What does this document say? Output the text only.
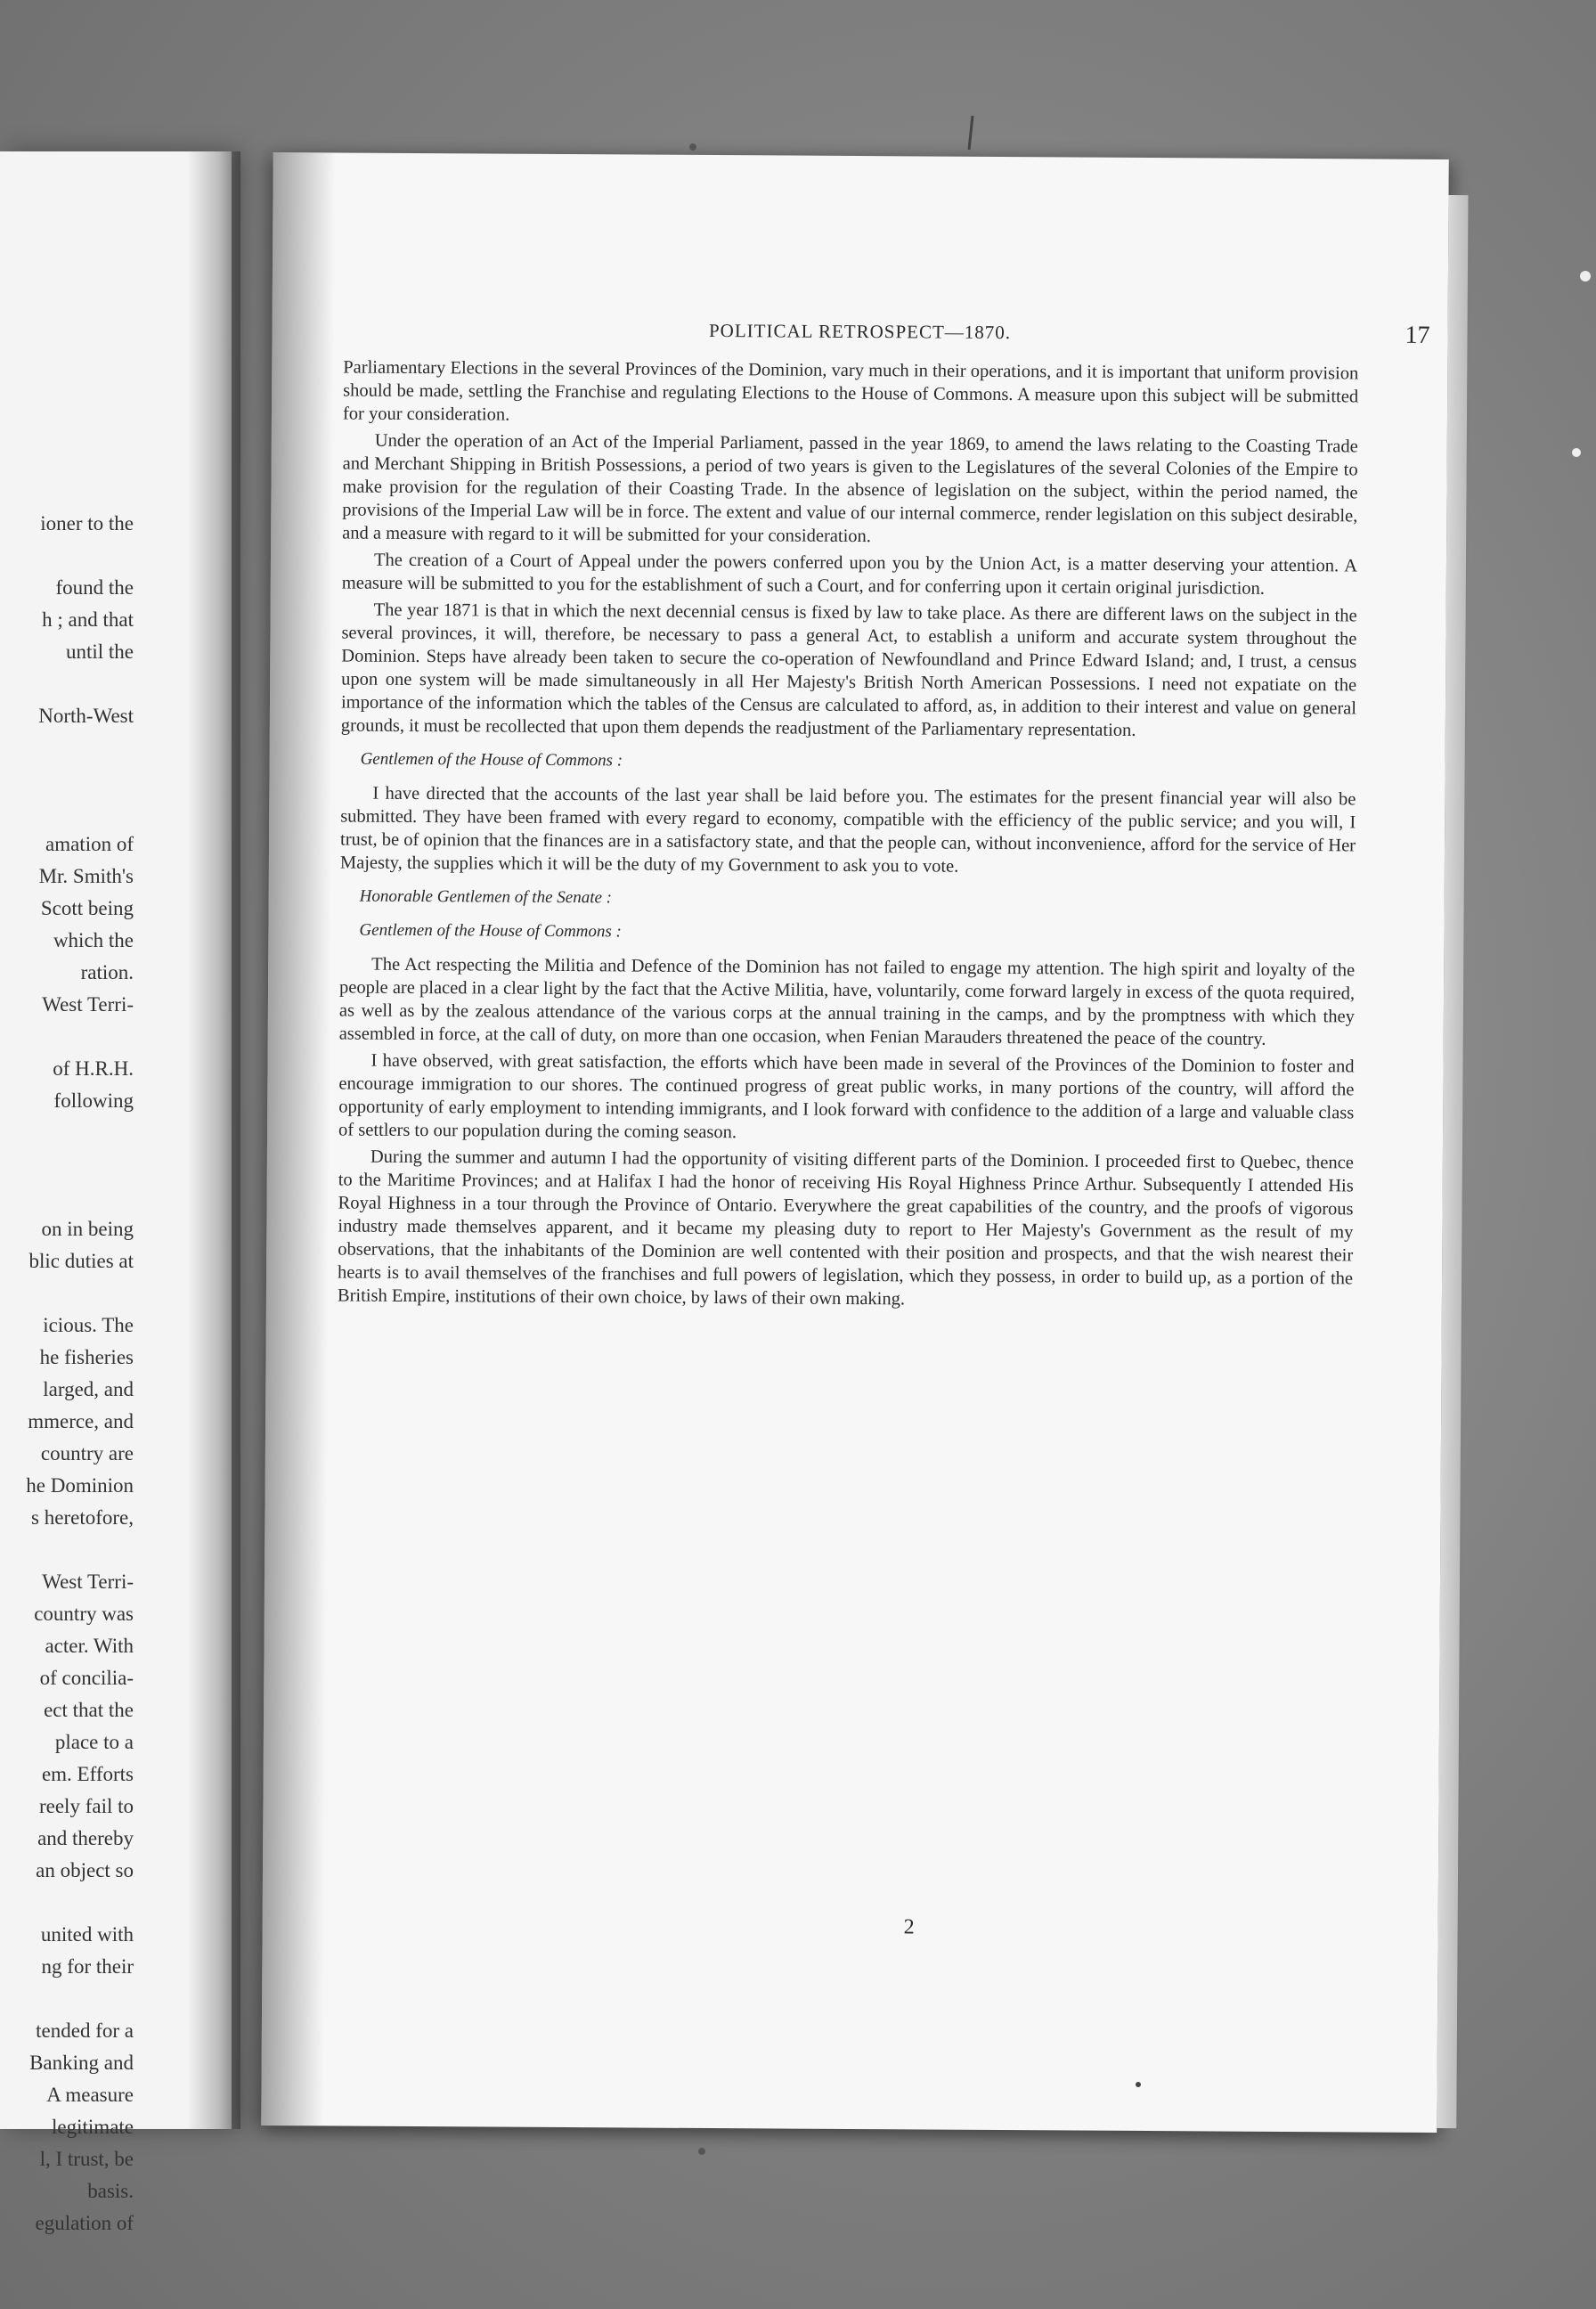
ioner to the

found the
h ; and that
until the

North-West

amation of
Mr. Smith's
Scott being
which the
ration.
West Terri-

of H.R.H.
following

on in being
blic duties at

icious. The
he fisheries
larged, and
mmerce, and
country are
he Dominion
s heretofore,

West Terri-
country was
acter. With
of concilia-
ect that the
place to a
em. Efforts
reely fail to
and thereby
an object so

united with
ng for their

tended for a
Banking and
A measure
legitimate
l, I trust, be
basis.
egulation of
POLITICAL RETROSPECT—1870.	17

Parliamentary Elections in the several Provinces of the Dominion, vary much in their operations, and it is important that uniform provision should be made, settling the Franchise and regulating Elections to the House of Commons. A measure upon this subject will be submitted for your consideration.

Under the operation of an Act of the Imperial Parliament, passed in the year 1869, to amend the laws relating to the Coasting Trade and Merchant Shipping in British Possessions, a period of two years is given to the Legislatures of the several Colonies of the Empire to make provision for the regulation of their Coasting Trade. In the absence of legislation on the subject, within the period named, the provisions of the Imperial Law will be in force. The extent and value of our internal commerce, render legislation on this subject desirable, and a measure with regard to it will be submitted for your consideration.

The creation of a Court of Appeal under the powers conferred upon you by the Union Act, is a matter deserving your attention. A measure will be submitted to you for the establishment of such a Court, and for conferring upon it certain original jurisdiction.

The year 1871 is that in which the next decennial census is fixed by law to take place. As there are different laws on the subject in the several provinces, it will, therefore, be necessary to pass a general Act, to establish a uniform and accurate system throughout the Dominion. Steps have already been taken to secure the co-operation of Newfoundland and Prince Edward Island; and, I trust, a census upon one system will be made simultaneously in all Her Majesty's British North American Possessions. I need not expatiate on the importance of the information which the tables of the Census are calculated to afford, as, in addition to their interest and value on general grounds, it must be recollected that upon them depends the readjustment of the Parliamentary representation.

Gentlemen of the House of Commons :

I have directed that the accounts of the last year shall be laid before you. The estimates for the present financial year will also be submitted. They have been framed with every regard to economy, compatible with the efficiency of the public service; and you will, I trust, be of opinion that the finances are in a satisfactory state, and that the people can, without inconvenience, afford for the service of Her Majesty, the supplies which it will be the duty of my Government to ask you to vote.

Honorable Gentlemen of the Senate :

Gentlemen of the House of Commons :

The Act respecting the Militia and Defence of the Dominion has not failed to engage my attention. The high spirit and loyalty of the people are placed in a clear light by the fact that the Active Militia, have, voluntarily, come forward largely in excess of the quota required, as well as by the zealous attendance of the various corps at the annual training in the camps, and by the promptness with which they assembled in force, at the call of duty, on more than one occasion, when Fenian Marauders threatened the peace of the country.

I have observed, with great satisfaction, the efforts which have been made in several of the Provinces of the Dominion to foster and encourage immigration to our shores. The continued progress of great public works, in many portions of the country, will afford the opportunity of early employment to intending immigrants, and I look forward with confidence to the addition of a large and valuable class of settlers to our population during the coming season.

During the summer and autumn I had the opportunity of visiting different parts of the Dominion. I proceeded first to Quebec, thence to the Maritime Provinces; and at Halifax I had the honor of receiving His Royal Highness Prince Arthur. Subsequently I attended His Royal Highness in a tour through the Province of Ontario. Everywhere the great capabilities of the country, and the proofs of vigorous industry made themselves apparent, and it became my pleasing duty to report to Her Majesty's Government as the result of my observations, that the inhabitants of the Dominion are well contented with their position and prospects, and that the wish nearest their hearts is to avail themselves of the franchises and full powers of legislation, which they possess, in order to build up, as a portion of the British Empire, institutions of their own choice, by laws of their own making.

2
